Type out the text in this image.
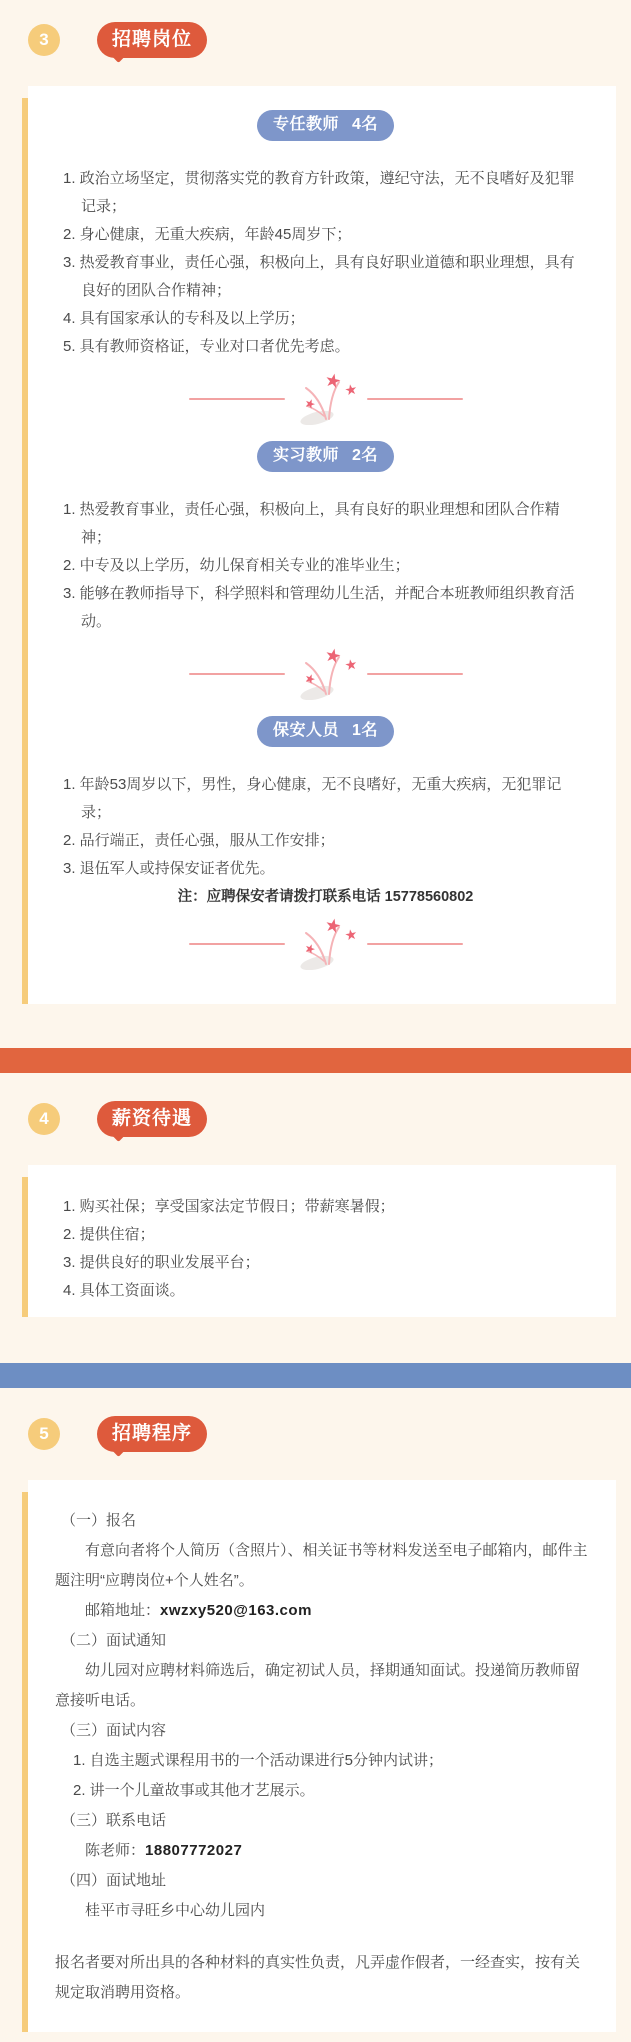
3	招聘岗位
专任教师 4名

1. 政治立场坚定，贯彻落实党的教育方针政策，遵纪守法，无不良嗜好及犯罪记录；

2. 身心健康，无重大疾病，年龄45周岁下；

3. 热爱教育事业，责任心强，积极向上，具有良好职业道德和职业理想，具有良好的团队合作精神；

4. 具有国家承认的专科及以上学历；

5. 具有教师资格证，专业对口者优先考虑。

实习教师 2名

1. 热爱教育事业，责任心强，积极向上，具有良好的职业理想和团队合作精神；

2. 中专及以上学历，幼儿保育相关专业的准毕业生；

3. 能够在教师指导下，科学照料和管理幼儿生活，并配合本班教师组织教育活动。

保安人员 1名

1. 年龄53周岁以下，男性，身心健康，无不良嗜好，无重大疾病，无犯罪记录；

2. 品行端正，责任心强，服从工作安排；

3. 退伍军人或持保安证者优先。

注：应聘保安者请拨打联系电话 15778560802

4	薪资待遇

1. 购买社保；享受国家法定节假日；带薪寒暑假；

2. 提供住宿；

3. 提供良好的职业发展平台；

4. 具体工资面谈。

5	招聘程序

（一）报名

有意向者将个人简历（含照片）、相关证书等材料发送至电子邮箱内，邮件主题注明“应聘岗位+个人姓名”。

邮箱地址：xwzxy520@163.com

（二）面试通知

幼儿园对应聘材料筛选后，确定初试人员，择期通知面试。投递简历教师留意接听电话。

（三）面试内容

1. 自选主题式课程用书的一个活动课进行5分钟内试讲；

2. 讲一个儿童故事或其他才艺展示。

（三）联系电话

陈老师：18807772027

（四）面试地址

桂平市寻旺乡中心幼儿园内

报名者要对所出具的各种材料的真实性负责，凡弄虚作假者，一经查实，按有关规定取消聘用资格。
